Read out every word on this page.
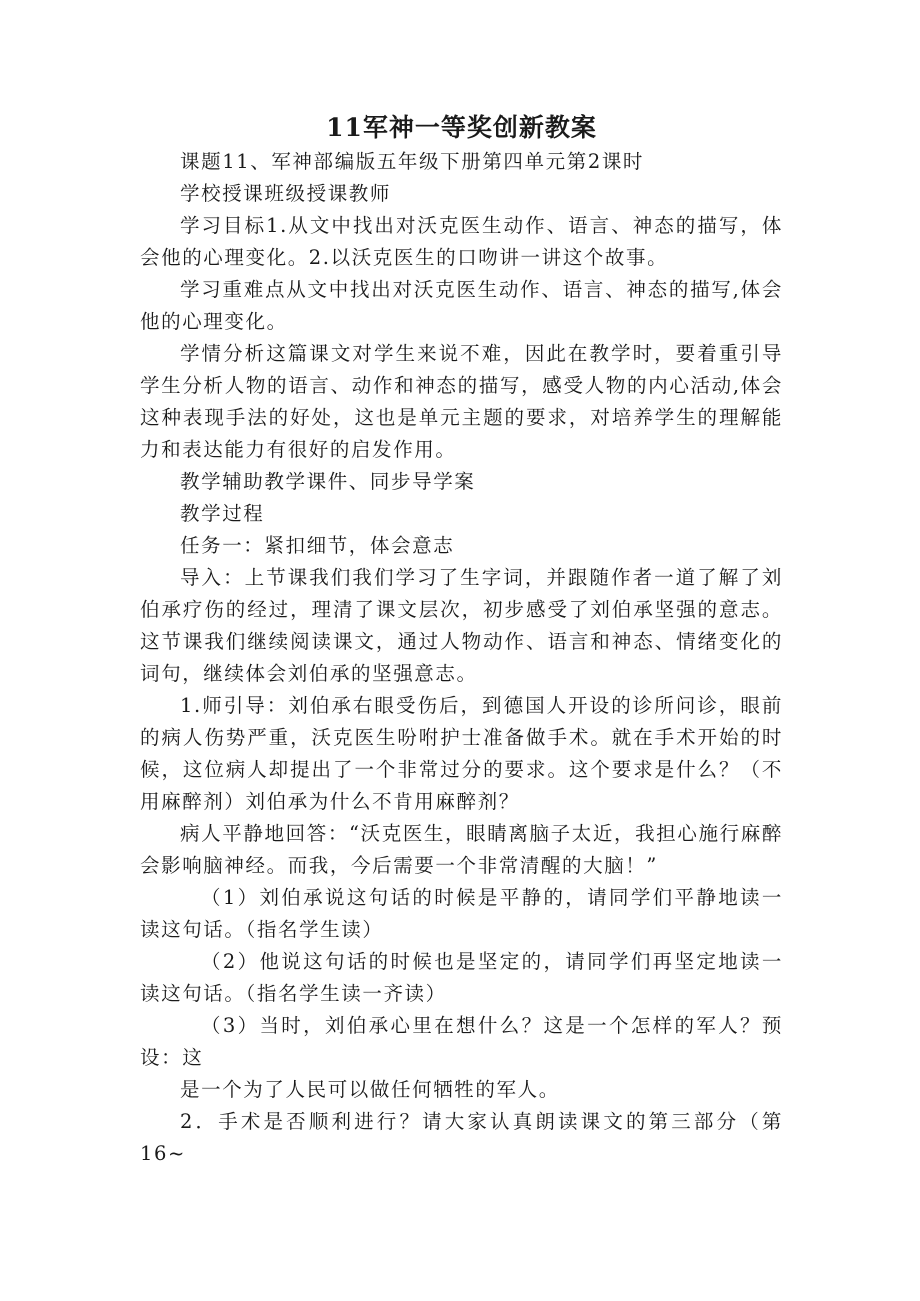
11军神一等奖创新教案

课题11、军神部编版五年级下册第四单元第2课时

学校授课班级授课教师

学习目标1.从文中找出对沃克医生动作、语言、神态的描写，体会他的心理变化。2.以沃克医生的口吻讲一讲这个故事。

学习重难点从文中找出对沃克医生动作、语言、神态的描写,体会他的心理变化。

学情分析这篇课文对学生来说不难，因此在教学时，要着重引导学生分析人物的语言、动作和神态的描写，感受人物的内心活动,体会这种表现手法的好处，这也是单元主题的要求，对培养学生的理解能力和表达能力有很好的启发作用。

教学辅助教学课件、同步导学案

教学过程

任务一：紧扣细节，体会意志

导入：上节课我们我们学习了生字词，并跟随作者一道了解了刘伯承疗伤的经过，理清了课文层次，初步感受了刘伯承坚强的意志。这节课我们继续阅读课文，通过人物动作、语言和神态、情绪变化的词句，继续体会刘伯承的坚强意志。

1.师引导：刘伯承右眼受伤后，到德国人开设的诊所问诊，眼前的病人伤势严重，沃克医生吩咐护士准备做手术。就在手术开始的时候，这位病人却提出了一个非常过分的要求。这个要求是什么？（不用麻醉剂）刘伯承为什么不肯用麻醉剂？

病人平静地回答：“沃克医生，眼睛离脑子太近，我担心施行麻醉会影响脑神经。而我，今后需要一个非常清醒的大脑！”

（1）刘伯承说这句话的时候是平静的，请同学们平静地读一读这句话。（指名学生读）

（2）他说这句话的时候也是坚定的，请同学们再坚定地读一读这句话。（指名学生读一齐读）

（3）当时，刘伯承心里在想什么？这是一个怎样的军人？预设：这

是一个为了人民可以做任何牺牲的军人。

2．手术是否顺利进行？请大家认真朗读课文的第三部分（第16~
